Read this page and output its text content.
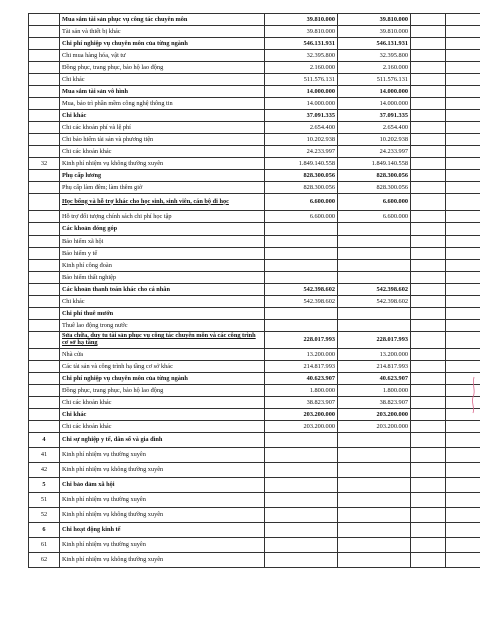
	Mua sắm tài sản phục vụ công tác chuyên môn	39.810.000	39.810.000		
	Tài sản và thiết bị khác	39.810.000	39.810.000		
	Chi phí nghiệp vụ chuyên môn của từng ngành	546.131.931	546.131.931		
	Chi mua hàng hóa, vật tư	32.395.800	32.395.800		
	Đồng phục, trang phục, bảo hộ lao động	2.160.000	2.160.000		
	Chi khác	511.576.131	511.576.131		
	Mua sắm tài sản vô hình	14.000.000	14.000.000		
	Mua, bảo trì phần mềm công nghệ thông tin	14.000.000	14.000.000		
	Chi khác	37.091.335	37.091.335		
	Chi các khoản phí và lệ phí	2.654.400	2.654.400		
	Chi bảo hiểm tài sản và phương tiện	10.202.938	10.202.938		
	Chi các khoản khác	24.233.997	24.233.997		
32	Kinh phí nhiệm vụ không thường xuyên	1.849.140.558	1.849.140.558		
	Phụ cấp lương	828.300.056	828.300.056		
	Phụ cấp làm đêm; làm thêm giờ	828.300.056	828.300.056		
	Học bổng và hỗ trợ khác cho học sinh, sinh viên, cán bộ đi học	6.600.000	6.600.000		
	Hỗ trợ đối tượng chính sách chi phí học tập	6.600.000	6.600.000		
	Các khoản đóng góp				
	Bảo hiểm xã hội				
	Bảo hiểm y tế				
	Kinh phí công đoàn				
	Bảo hiểm thất nghiệp				
	Các khoản thanh toán khác cho cá nhân	542.398.602	542.398.602		
	Chi khác	542.398.602	542.398.602		
	Chi phí thuê mướn				
	Thuê lao động trong nước				
	Sửa chữa, duy tu tài sản phục vụ công tác chuyên môn và các công trình cơ sở hạ tầng	228.017.993	228.017.993		
	Nhà cửa	13.200.000	13.200.000		
	Các tài sản và công trình hạ tầng cơ sở khác	214.817.993	214.817.993		
	Chi phí nghiệp vụ chuyên môn của từng ngành	40.623.907	40.623.907		
	Đồng phục, trang phục, bảo hộ lao động	1.800.000	1.800.000		
	Chi các khoản khác	38.823.907	38.823.907		
	Chi khác	203.200.000	203.200.000		
	Chi các khoản khác	203.200.000	203.200.000		
4	Chi sự nghiệp y tế, dân số và gia đình				
41	Kinh phí nhiệm vụ thường xuyên				
42	Kinh phí nhiệm vụ không thường xuyên				
5	Chi bảo đảm xã hội				
51	Kinh phí nhiệm vụ thường xuyên				
52	Kinh phí nhiệm vụ không thường xuyên				
6	Chi hoạt động kinh tế				
61	Kinh phí nhiệm vụ thường xuyên				
62	Kinh phí nhiệm vụ không thường xuyên				
